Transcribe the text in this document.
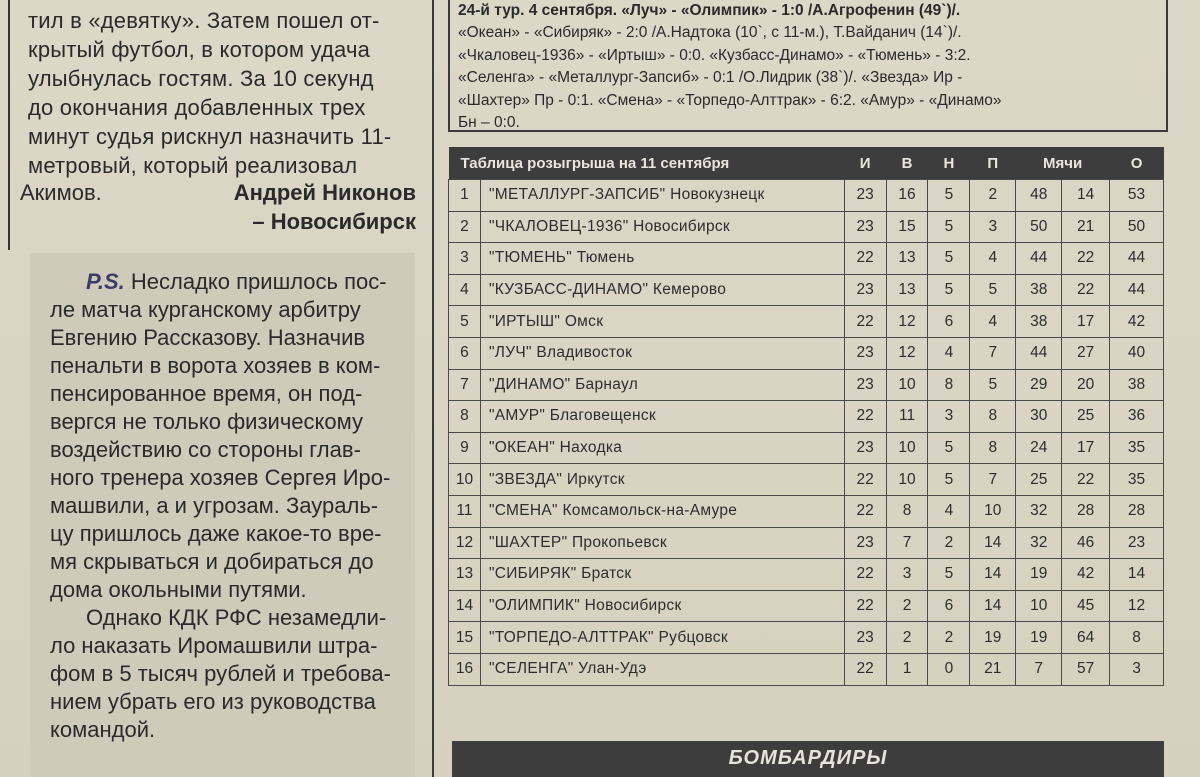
тил в «девятку». Затем пошел от-

крытый футбол, в котором удача

улыбнулась гостям. За 10 секунд

до окончания добавленных трех

минут судья рискнул назначить 11-

метровый, который реализовал

Акимов.	Андрей Никонов
– Новосибирск
P.S. Несладко пришлось пос-
ле матча курганскому арбитру
Евгению Рассказову. Назначив
пенальти в ворота хозяев в ком-
пенсированное время, он под-
вергся не только физическому
воздействию со стороны глав-
ного тренера хозяев Сергея Иро-
машвили, а и угрозам. Заураль-
цу пришлось даже какое-то вре-
мя скрываться и добираться до
дома окольными путями.
Однако КДК РФС незамедли-
ло наказать Иромашвили штра-
фом в 5 тысяч рублей и требова-
нием убрать его из руководства
командой.
24-й тур. 4 сентября. «Луч» - «Олимпик» - 1:0 /А.Агрофенин (49`)/.
«Океан» - «Сибиряк» - 2:0 /А.Надтока (10`, с 11-м.), Т.Вайданич (14`)/.
«Чкаловец-1936» - «Иртыш» - 0:0. «Кузбасс-Динамо» - «Тюмень» - 3:2.
«Селенга» - «Металлург-Запсиб» - 0:1 /О.Лидрик (38`)/. «Звезда» Ир -
«Шахтер» Пр - 0:1. «Смена» - «Торпедо-Алттрак» - 6:2. «Амур» - «Динамо»
Бн – 0:0.
Таблица розыгрыша на 11 сентября		И	В	Н	П	Мячи		О
1	"МЕТАЛЛУРГ-ЗАПСИБ" Новокузнецк	23	16	5	2	48	14	53
2	"ЧКАЛОВЕЦ-1936" Новосибирск	23	15	5	3	50	21	50
3	"ТЮМЕНЬ" Тюмень	22	13	5	4	44	22	44
4	"КУЗБАСС-ДИНАМО" Кемерово	23	13	5	5	38	22	44
5	"ИРТЫШ" Омск	22	12	6	4	38	17	42
6	"ЛУЧ" Владивосток	23	12	4	7	44	27	40
7	"ДИНАМО" Барнаул	23	10	8	5	29	20	38
8	"АМУР" Благовещенск	22	11	3	8	30	25	36
9	"ОКЕАН" Находка	23	10	5	8	24	17	35
10	"ЗВЕЗДА" Иркутск	22	10	5	7	25	22	35
11	"СМЕНА" Комсамольск-на-Амуре	22	8	4	10	32	28	28
12	"ШАХТЕР" Прокопьевск	23	7	2	14	32	46	23
13	"СИБИРЯК" Братск	22	3	5	14	19	42	14
14	"ОЛИМПИК" Новосибирск	22	2	6	14	10	45	12
15	"ТОРПЕДО-АЛТТРАК" Рубцовск	23	2	2	19	19	64	8
16	"СЕЛЕНГА" Улан-Удэ	22	1	0	21	7	57	3
БОМБАРДИРЫ
